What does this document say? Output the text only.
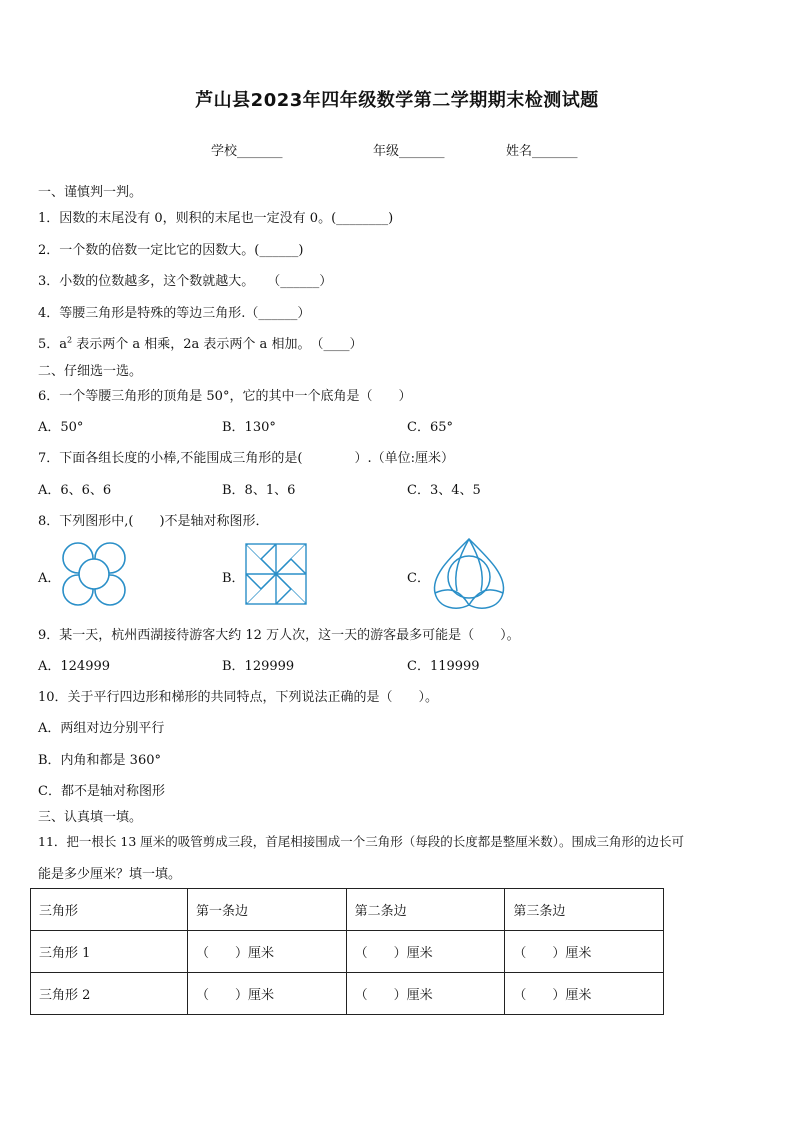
芦山县2023年四年级数学第二学期期末检测试题
学校_______	年级_______	姓名_______
一、谨慎判一判。
1．因数的末尾没有 0，则积的末尾也一定没有 0。(________)
2．一个数的倍数一定比它的因数大。(______)
3．小数的位数越多，这个数就越大。　　（______）
4．等腰三角形是特殊的等边三角形.（______）
5．$a^2$ 表示两个 a 相乘，2a 表示两个 a 相加。　（____）
二、仔细选一选。
6．一个等腰三角形的顶角是 50°，它的其中一个底角是（　　）
A．50°	B．130°	C．65°
7．下面各组长度的小棒,不能围成三角形的是(　　　　）.（单位:厘米）
A．6、6、6	B．8、1、6	C．3、4、5
8．下列图形中,(　　)不是轴对称图形．
A．	B．	C．
9．某一天，杭州西湖接待游客大约 12 万人次，这一天的游客最多可能是（　　）。
A．124999	B．129999	C．119999
10．关于平行四边形和梯形的共同特点，下列说法正确的是（　　）。
A．两组对边分别平行
B．内角和都是 360°
C．都不是轴对称图形
三、认真填一填。
11．把一根长 13 厘米的吸管剪成三段，首尾相接围成一个三角形（每段的长度都是整厘米数）。围成三角形的边长可
能是多少厘米？填一填。
三角形	第一条边	第二条边	第三条边
三角形 1	（　　）厘米	（　　）厘米	（　　）厘米
三角形 2	（　　）厘米	（　　）厘米	（　　）厘米
